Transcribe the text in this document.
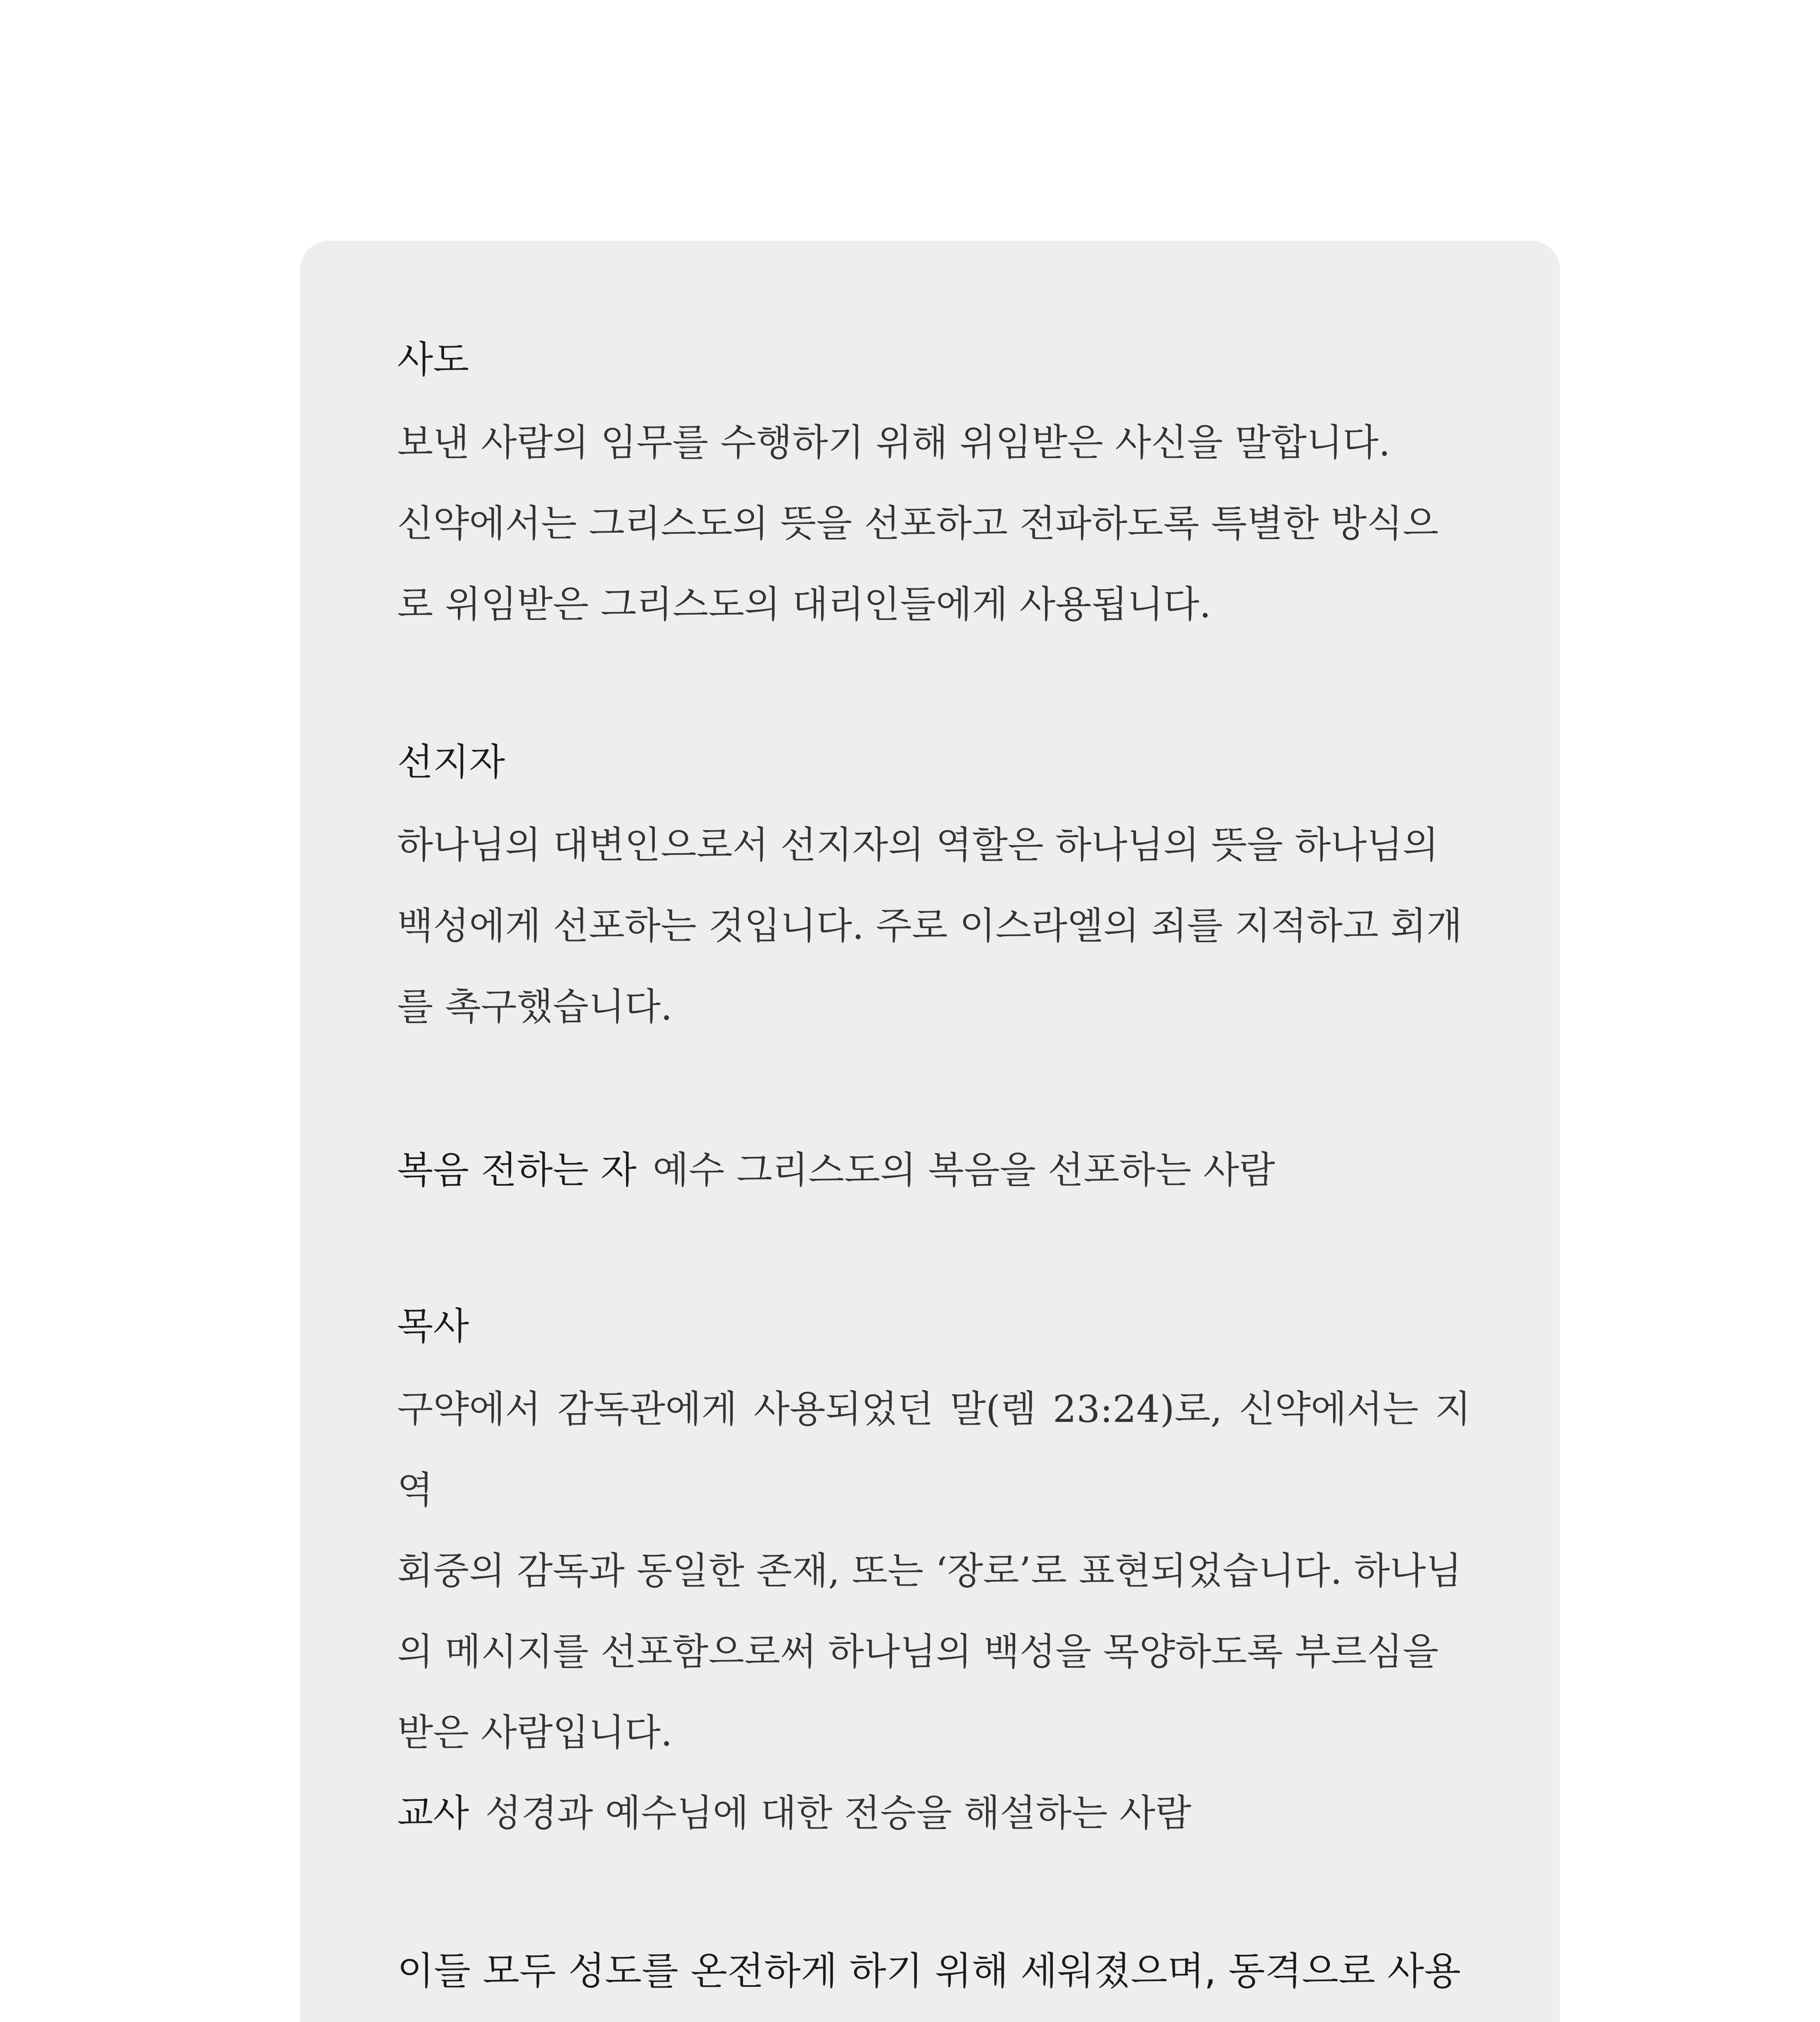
사도

보낸 사람의 임무를 수행하기 위해 위임받은 사신을 말합니다.

신약에서는 그리스도의 뜻을 선포하고 전파하도록 특별한 방식으

로 위임받은 그리스도의 대리인들에게 사용됩니다.

선지자

하나님의 대변인으로서 선지자의 역할은 하나님의 뜻을 하나님의

백성에게 선포하는 것입니다. 주로 이스라엘의 죄를 지적하고 회개

를 촉구했습니다.

복음 전하는 자 예수 그리스도의 복음을 선포하는 사람
목사

구약에서 감독관에게 사용되었던 말(렘 23:24)로, 신약에서는 지역

회중의 감독과 동일한 존재, 또는 ‘장로’로 표현되었습니다. 하나님

의 메시지를 선포함으로써 하나님의 백성을 목양하도록 부르심을

받은 사람입니다.

교사 성경과 예수님에 대한 전승을 해설하는 사람

이들 모두 성도를 온전하게 하기 위해 세워졌으며, 동격으로 사용
